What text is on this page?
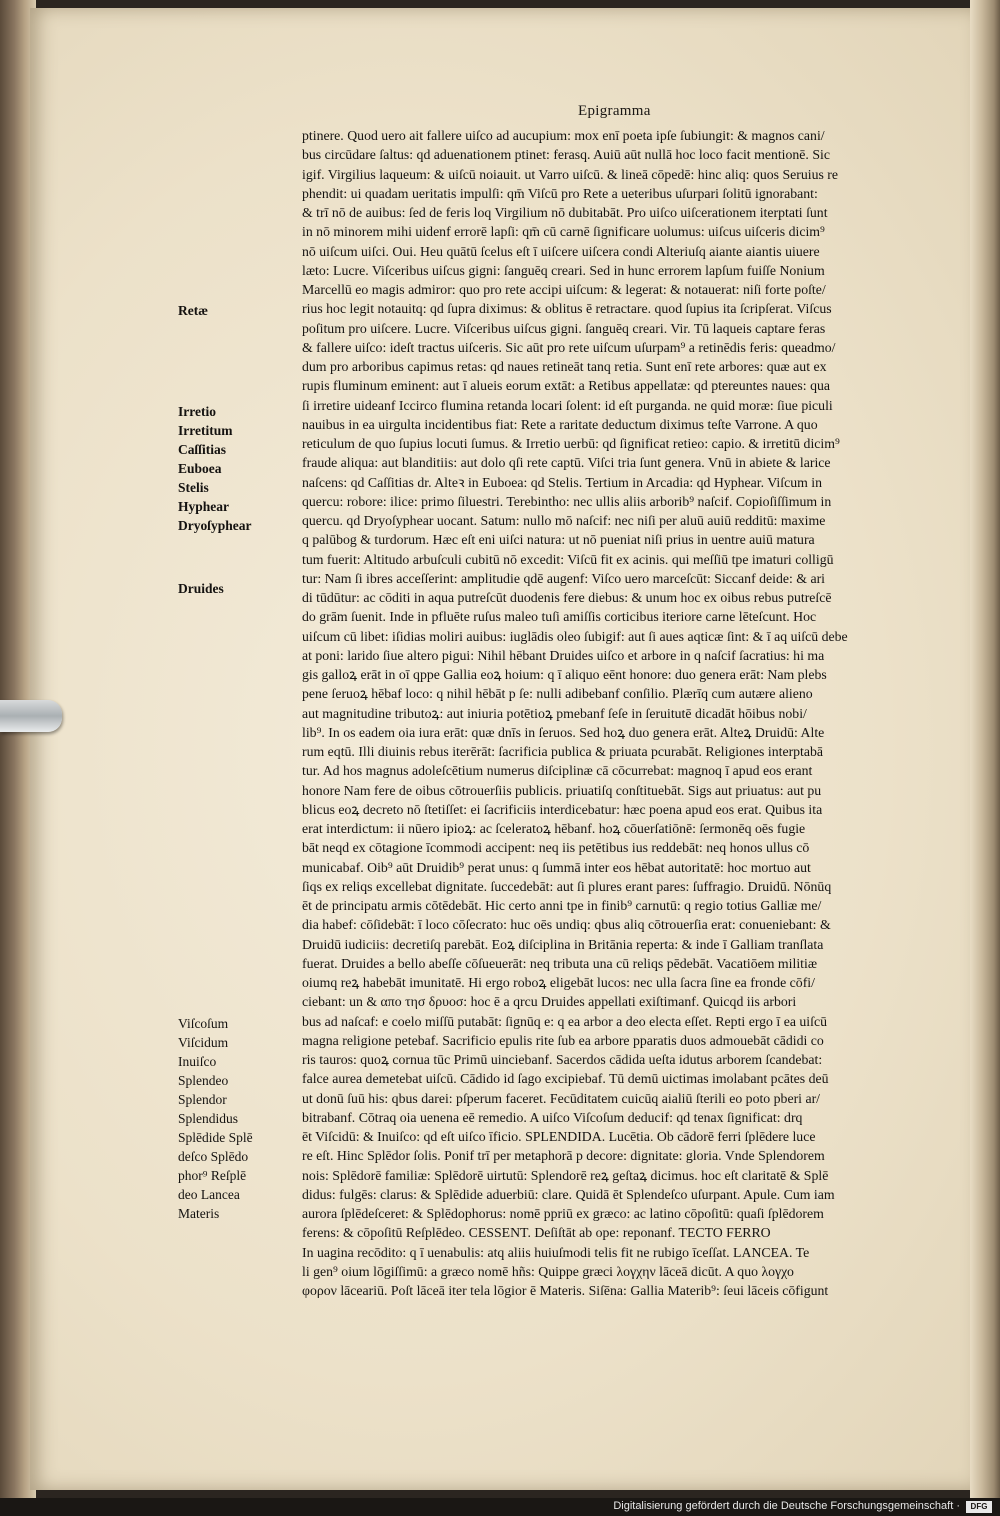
Epigramma
Retæ
Irretio
Irretitum
Caſſitias
Euboea
Stelis
Hyphear
Dryoſyphear
Druides
Viſcoſum
Viſcidum
Inuiſco
Splendeo
Splendor
Splendidus
Splēdide Splē
deſco Splēdo
phor⁹ Reſplē
deo Lancea
Materis
ptinere. Quod uero ait fallere uiſco ad aucupium: mox enī poeta ipſe ſubiungit: & magnos cani/
bus circūdare ſaltus: qd aduenationem ptinet: ferasq. Auiū aūt nullā hoc loco facit mentionē. Sic
igif. Virgilius laqueum: & uiſcū noiauit. ut Varro uiſcū. & lineā cōpedē: hinc aliq: quos Seruius re
phendit: ui quadam ueritatis impulſi: qm̄ Viſcū pro Rete a ueteribus uſurpari ſolitū ignorabant:
& trī nō de auibus: ſed de feris loq Virgilium nō dubitabāt. Pro uiſco uiſcerationem iterptati ſunt
in nō minorem mihi uidenf errorē lapſi: qm̄ cū carnē ſignificare uolumus: uiſcus uiſceris dicim⁹
nō uiſcum uiſci. Oui. Heu quātū ſcelus eſt ī uiſcere uiſcera condi Alteriuſq aiante aiantis uiuere
læto: Lucre. Viſceribus uiſcus gigni: ſanguēq creari. Sed in hunc errorem lapſum fuiſſe Nonium
Marcellū eo magis admiror: quo pro rete accipi uiſcum: & legerat: & notauerat: niſi forte poſte/
rius hoc legit notauitq: qd ſupra diximus: & oblitus ē retractare. quod ſupius ita ſcripſerat. Viſcus
poſitum pro uiſcere. Lucre. Viſceribus uiſcus gigni. ſanguēq creari. Vir. Tū laqueis captare feras
& fallere uiſco: ideſt tractus uiſceris. Sic aūt pro rete uiſcum uſurpam⁹ a retinēdis feris: queadmo/
dum pro arboribus capimus retas: qd naues retineāt tanq retia. Sunt enī rete arbores: quæ aut ex
rupis fluminum eminent: aut ī alueis eorum extāt: a Retibus appellatæ: qd ptereuntes naues: qua
ſi irretire uideanf Iccirco flumina retanda locari ſolent: id eſt purganda. ne quid moræ: ſiue piculi
nauibus in ea uirgulta incidentibus fiat: Rete a raritate deductum diximus teſte Varrone. A quo
reticulum de quo ſupius locuti ſumus. & Irretio uerbū: qd ſignificat retieo: capio. & irretitū dicim⁹
fraude aliqua: aut blanditiis: aut dolo qſi rete captū. Viſci tria ſunt genera. Vnū in abiete & larice
naſcens: qd Caſſitias dr. Alteꝛ in Euboea: qd Stelis. Tertium in Arcadia: qd Hyphear. Viſcum in
quercu: robore: ilice: primo ſiluestri. Terebintho: nec ullis aliis arborib⁹ naſcif. Copioſiſſimum in
quercu. qd Dryoſyphear uocant. Satum: nullo mō naſcif: nec niſi per aluū auiū redditū: maxime
q palūbog & turdorum. Hæc eſt eni uiſci natura: ut nō pueniat niſi prius in uentre auiū matura
tum fuerit: Altitudo arbuſculi cubitū nō excedit: Viſcū fit ex acinis. qui meſſiū tpe imaturi colligū
tur: Nam ſi ibres acceſſerint: amplitudie qdē augenf: Viſco uero marceſcūt: Siccanf deide: & ari
di tūdūtur: ac cōditi in aqua putreſcūt duodenis fere diebus: & unum hoc ex oibus rebus putreſcē
do grām ſuenit. Inde in pfluēte ruſus maleo tuſi amiſſis corticibus iteriore carne lēteſcunt. Hoc
uiſcum cū libet: iſidias moliri auibus: iuglādis oleo ſubigif: aut ſi aues aqticæ ſint: & ī aq uiſcū debe
at poni: larido ſiue altero pigui: Nihil hēbant Druides uiſco et arbore in q naſcif ſacratius: hi ma
gis galloꝝ erāt in oī qppe Gallia eoꝝ hoium: q ī aliquo eēnt honore: duo genera erāt: Nam plebs
pene ſeruoꝝ hēbaf loco: q nihil hēbāt p ſe: nulli adibebanf conſilio. Plærīq cum autære alieno
aut magnitudine tributoꝝ: aut iniuria potētioꝝ pmebanf ſeſe in ſeruitutē dicadāt hōibus nobi/
lib⁹. In os eadem oia iura erāt: quæ dnīs in ſeruos. Sed hoꝝ duo genera erāt. Alteꝝ Druidū: Alte
rum eqtū. Illi diuinis rebus iterērāt: ſacrificia publica & priuata pcurabāt. Religiones interptabā
tur. Ad hos magnus adoleſcētium numerus diſciplinæ cā cōcurrebat: magnoq ī apud eos erant
honore Nam fere de oibus cōtrouerſiis publicis. priuatiſq conſtituebāt. Sigs aut priuatus: aut pu
blicus eoꝝ decreto nō ſtetiſſet: ei ſacrificiis interdicebatur: hæc poena apud eos erat. Quibus ita
erat interdictum: ii nūero ipioꝝ: ac ſceleratoꝝ hēbanf. hoꝝ cōuerſatiōnē: ſermonēq oēs fugie
bāt neqd ex cōtagione īcommodi accipent: neq iis petētibus ius reddebāt: neq honos ullus cō
municabaf. Oib⁹ aūt Druidib⁹ perat unus: q ſummā inter eos hēbat autoritatē: hoc mortuo aut
ſiqs ex reliqs excellebat dignitate. ſuccedebāt: aut ſi plures erant pares: ſuffragio. Druidū. Nōnūq
ēt de principatu armis cōtēdebāt. Hic certo anni tpe in finib⁹ carnutū: q regio totius Galliæ me/
dia habef: cōſidebāt: ī loco cōſecrato: huc oēs undiq: qbus aliq cōtrouerſia erat: conueniebant: &
Druidū iudiciis: decretiſq parebāt. Eoꝝ diſciplina in Britānia reperta: & inde ī Galliam tranſlata
fuerat. Druides a bello abeſſe cōſueuerāt: neq tributa una cū reliqs pēdebāt. Vacatiōem militiæ
oiumq reꝝ habebāt imunitatē. Hi ergo roboꝝ eligebāt lucos: nec ulla ſacra ſine ea fronde cōfi/
ciebant: un & απο τησ δρυοσ: hoc ē a qrcu Druides appellati exiſtimanf. Quicqd iis arbori
bus ad naſcaf: e coelo miſſū putabāt: ſignūq e: q ea arbor a deo electa eſſet. Repti ergo ī ea uiſcū
magna religione petebaf. Sacrificio epulis rite ſub ea arbore pparatis duos admouebāt cādidi co
ris tauros: quoꝝ cornua tūc Primū uinciebanf. Sacerdos cādida ueſta idutus arborem ſcandebat:
falce aurea demetebat uiſcū. Cādido id ſago excipiebaf. Tū demū uictimas imolabant pcātes deū
ut donū ſuū his: qbus darei: pſperum faceret. Fecūditatem cuicūq aialiū ſterili eo poto pberi ar/
bitrabanf. Cōtraq oia uenena eē remedio. A uiſco Viſcoſum deducif: qd tenax ſignificat: drq
ēt Viſcidū: & Inuiſco: qd eſt uiſco īficio. SPLENDIDA. Lucētia. Ob cādorē ferri ſplēdere luce
re eſt. Hinc Splēdor ſolis. Ponif trī per metaphorā p decore: dignitate: gloria. Vnde Splendorem
nois: Splēdorē familiæ: Splēdorē uirtutū: Splendorē reꝝ geſtaꝝ dicimus. hoc eſt claritatē & Splē
didus: fulgēs: clarus: & Splēdide aduerbiū: clare. Quidā ēt Splendeſco uſurpant. Apule. Cum iam
aurora ſplēdeſceret: & Splēdophorus: nomē ppriū ex græco: ac latino cōpoſitū: quaſi ſplēdorem
ferens: & cōpoſitū Reſplēdeo. CESSENT. Deſiſtāt ab ope: reponanf. TECTO FERRO
In uagina recōdito: q ī uenabulis: atq aliis huiuſmodi telis fit ne rubigo īceſſat. LANCEA. Te
li gen⁹ oium lōgiſſimū: a græco nomē hñs: Quippe græci λογχην lāceā dicūt. A quo λογχο
φορον lāceariū. Poſt lāceā iter tela lōgior ē Materis. Siſēna: Gallia Materib⁹: ſeui lāceis cōfigunt
Digitalisierung gefördert durch die Deutsche Forschungsgemeinschaft ·	DFG
